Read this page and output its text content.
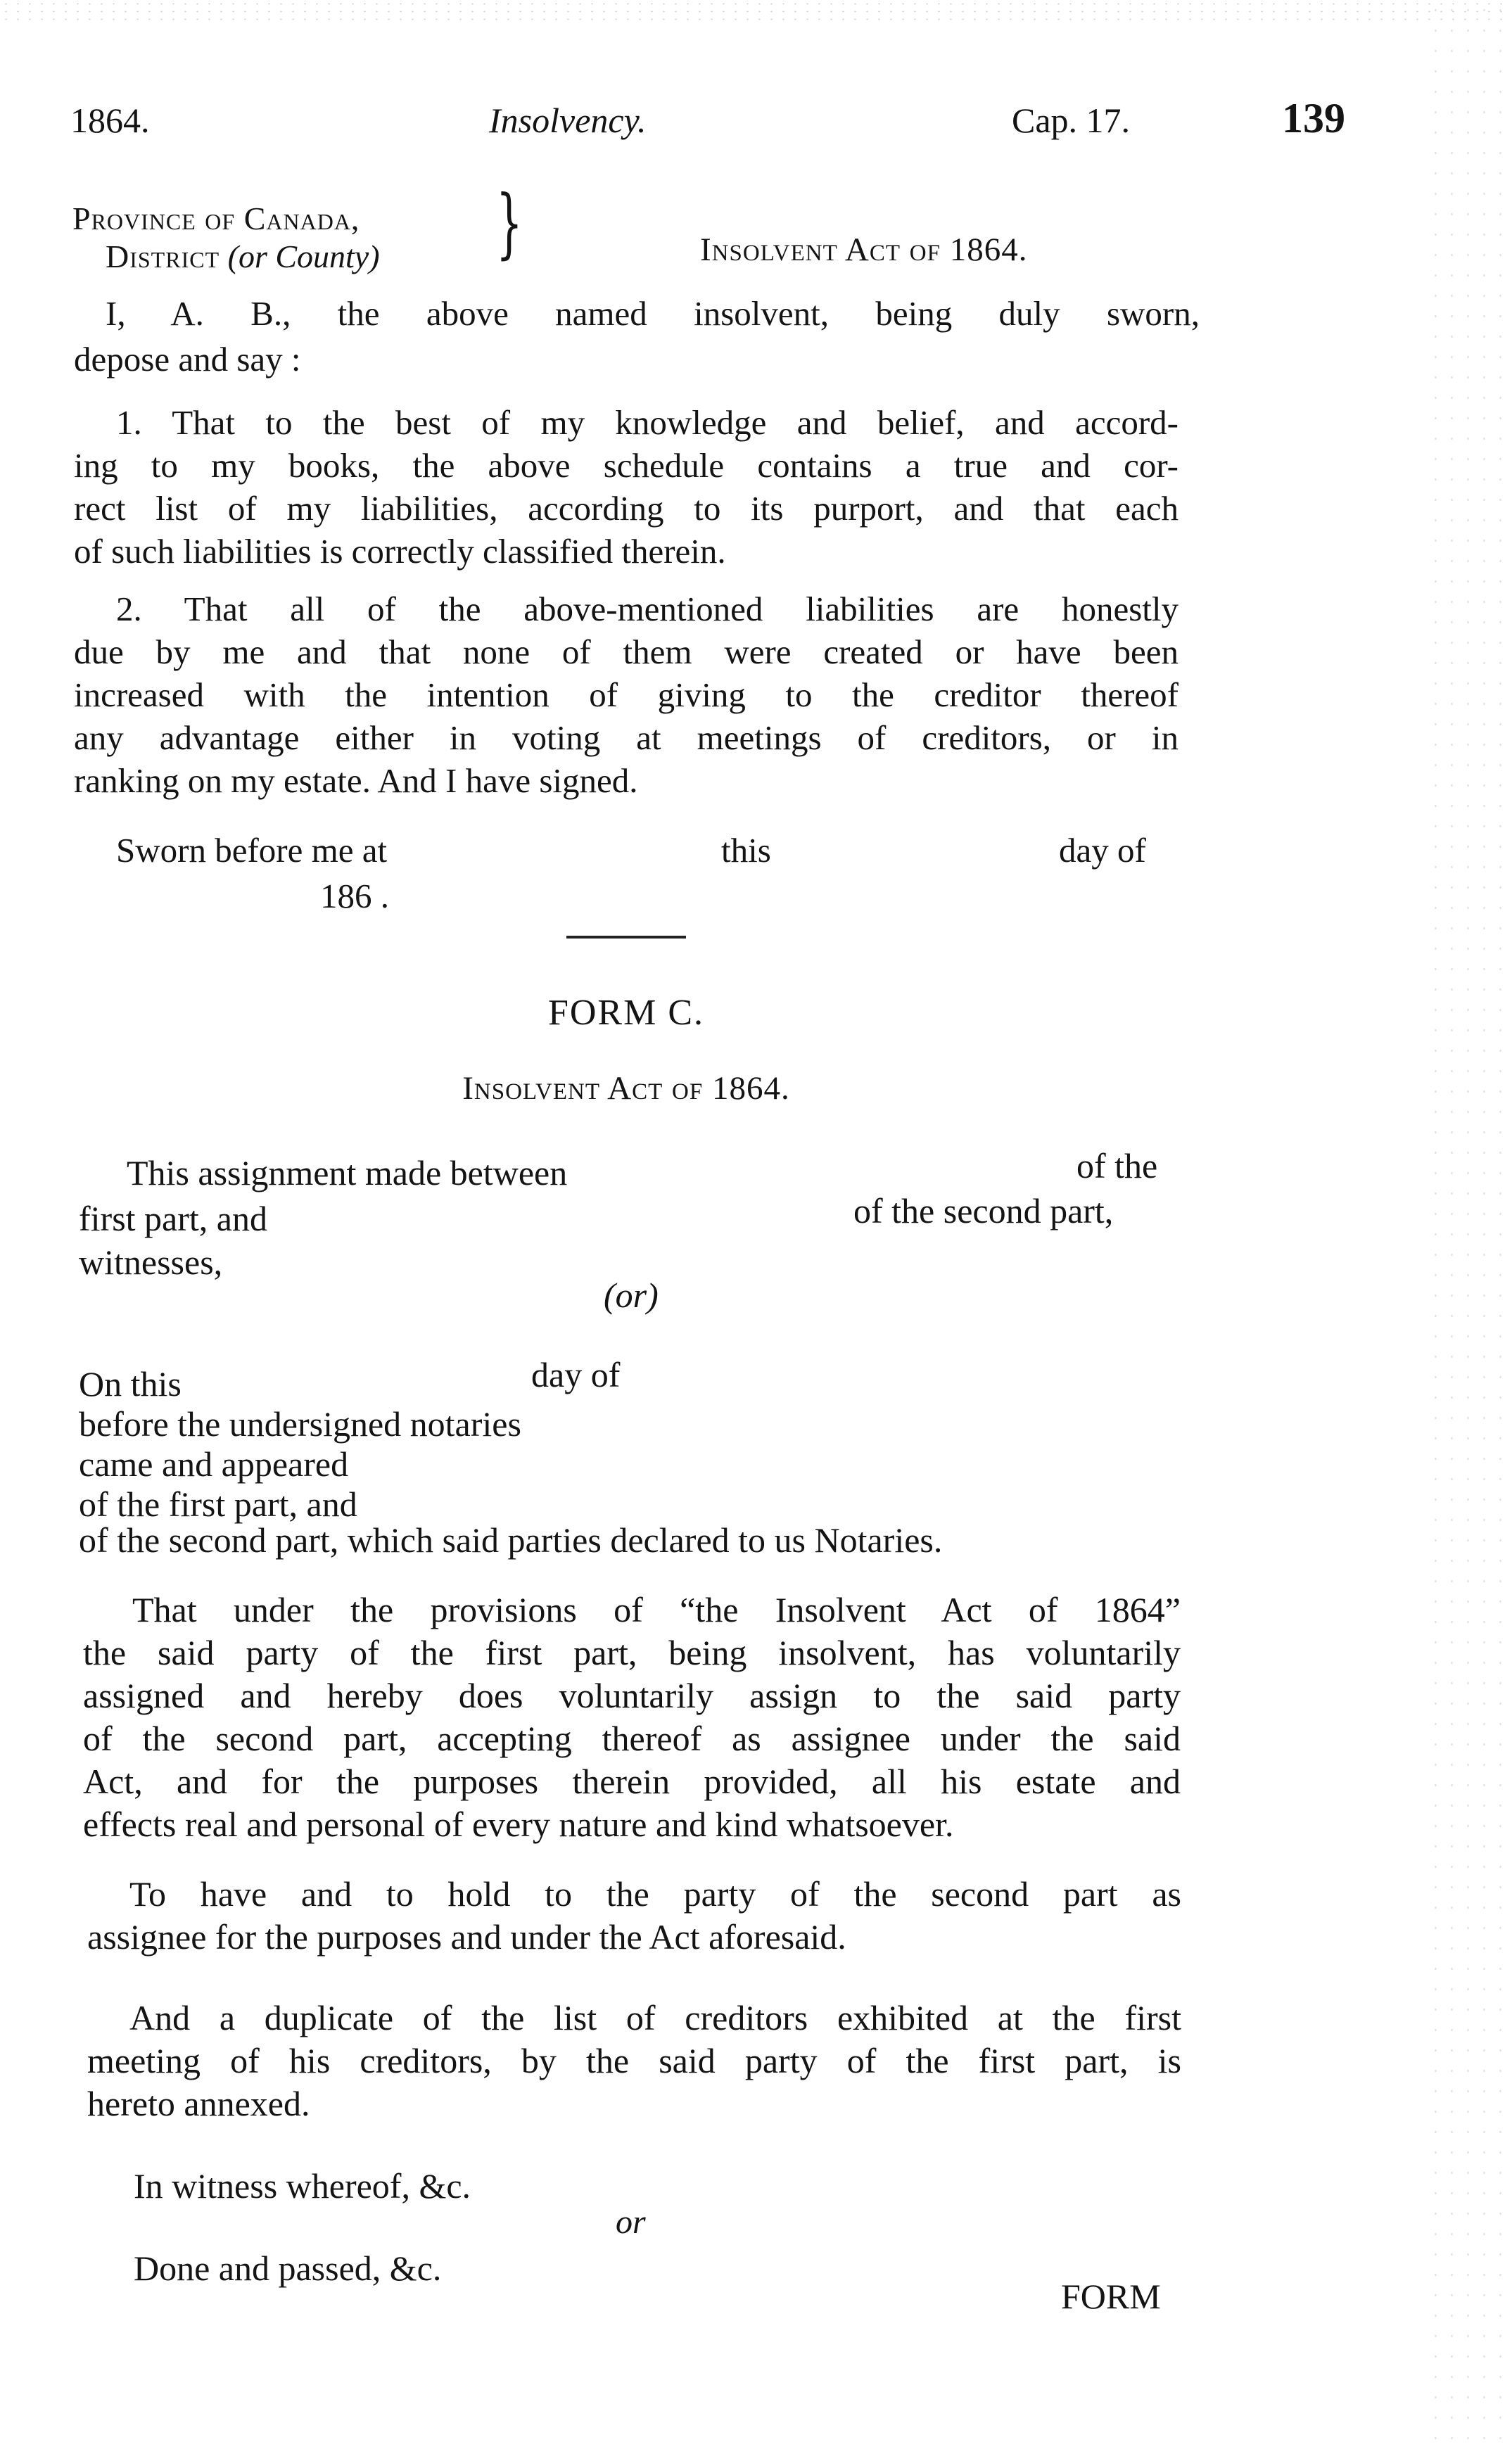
1864.	Insolvency.	Cap. 17.	139
Province of Canada,
District (or County) }	Insolvent Act of 1864.
I, A. B., the above named insolvent, being duly sworn,
depose and say :
1. That to the best of my knowledge and belief, and accord-
ing to my books, the above schedule contains a true and cor-
rect list of my liabilities, according to its purport, and that each
of such liabilities is correctly classified therein.
2. That all of the above-mentioned liabilities are honestly
due by me and that none of them were created or have been
increased with the intention of giving to the creditor thereof
any advantage either in voting at meetings of creditors, or in
ranking on my estate. And I have signed.
Sworn before me at	this	day of
186 .
FORM C.
Insolvent Act of 1864.
This assignment made between	of the
first part, and	of the second part,
witnesses,
(or)
On this	day of
before the undersigned notaries
came and appeared
of the first part, and
of the second part, which said parties declared to us Notaries.
That under the provisions of “the Insolvent Act of 1864”
the said party of the first part, being insolvent, has voluntarily
assigned and hereby does voluntarily assign to the said party
of the second part, accepting thereof as assignee under the said
Act, and for the purposes therein provided, all his estate and
effects real and personal of every nature and kind whatsoever.
To have and to hold to the party of the second part as
assignee for the purposes and under the Act aforesaid.
And a duplicate of the list of creditors exhibited at the first
meeting of his creditors, by the said party of the first part, is
hereto annexed.
In witness whereof, &c.
or
Done and passed, &c.
FORM
